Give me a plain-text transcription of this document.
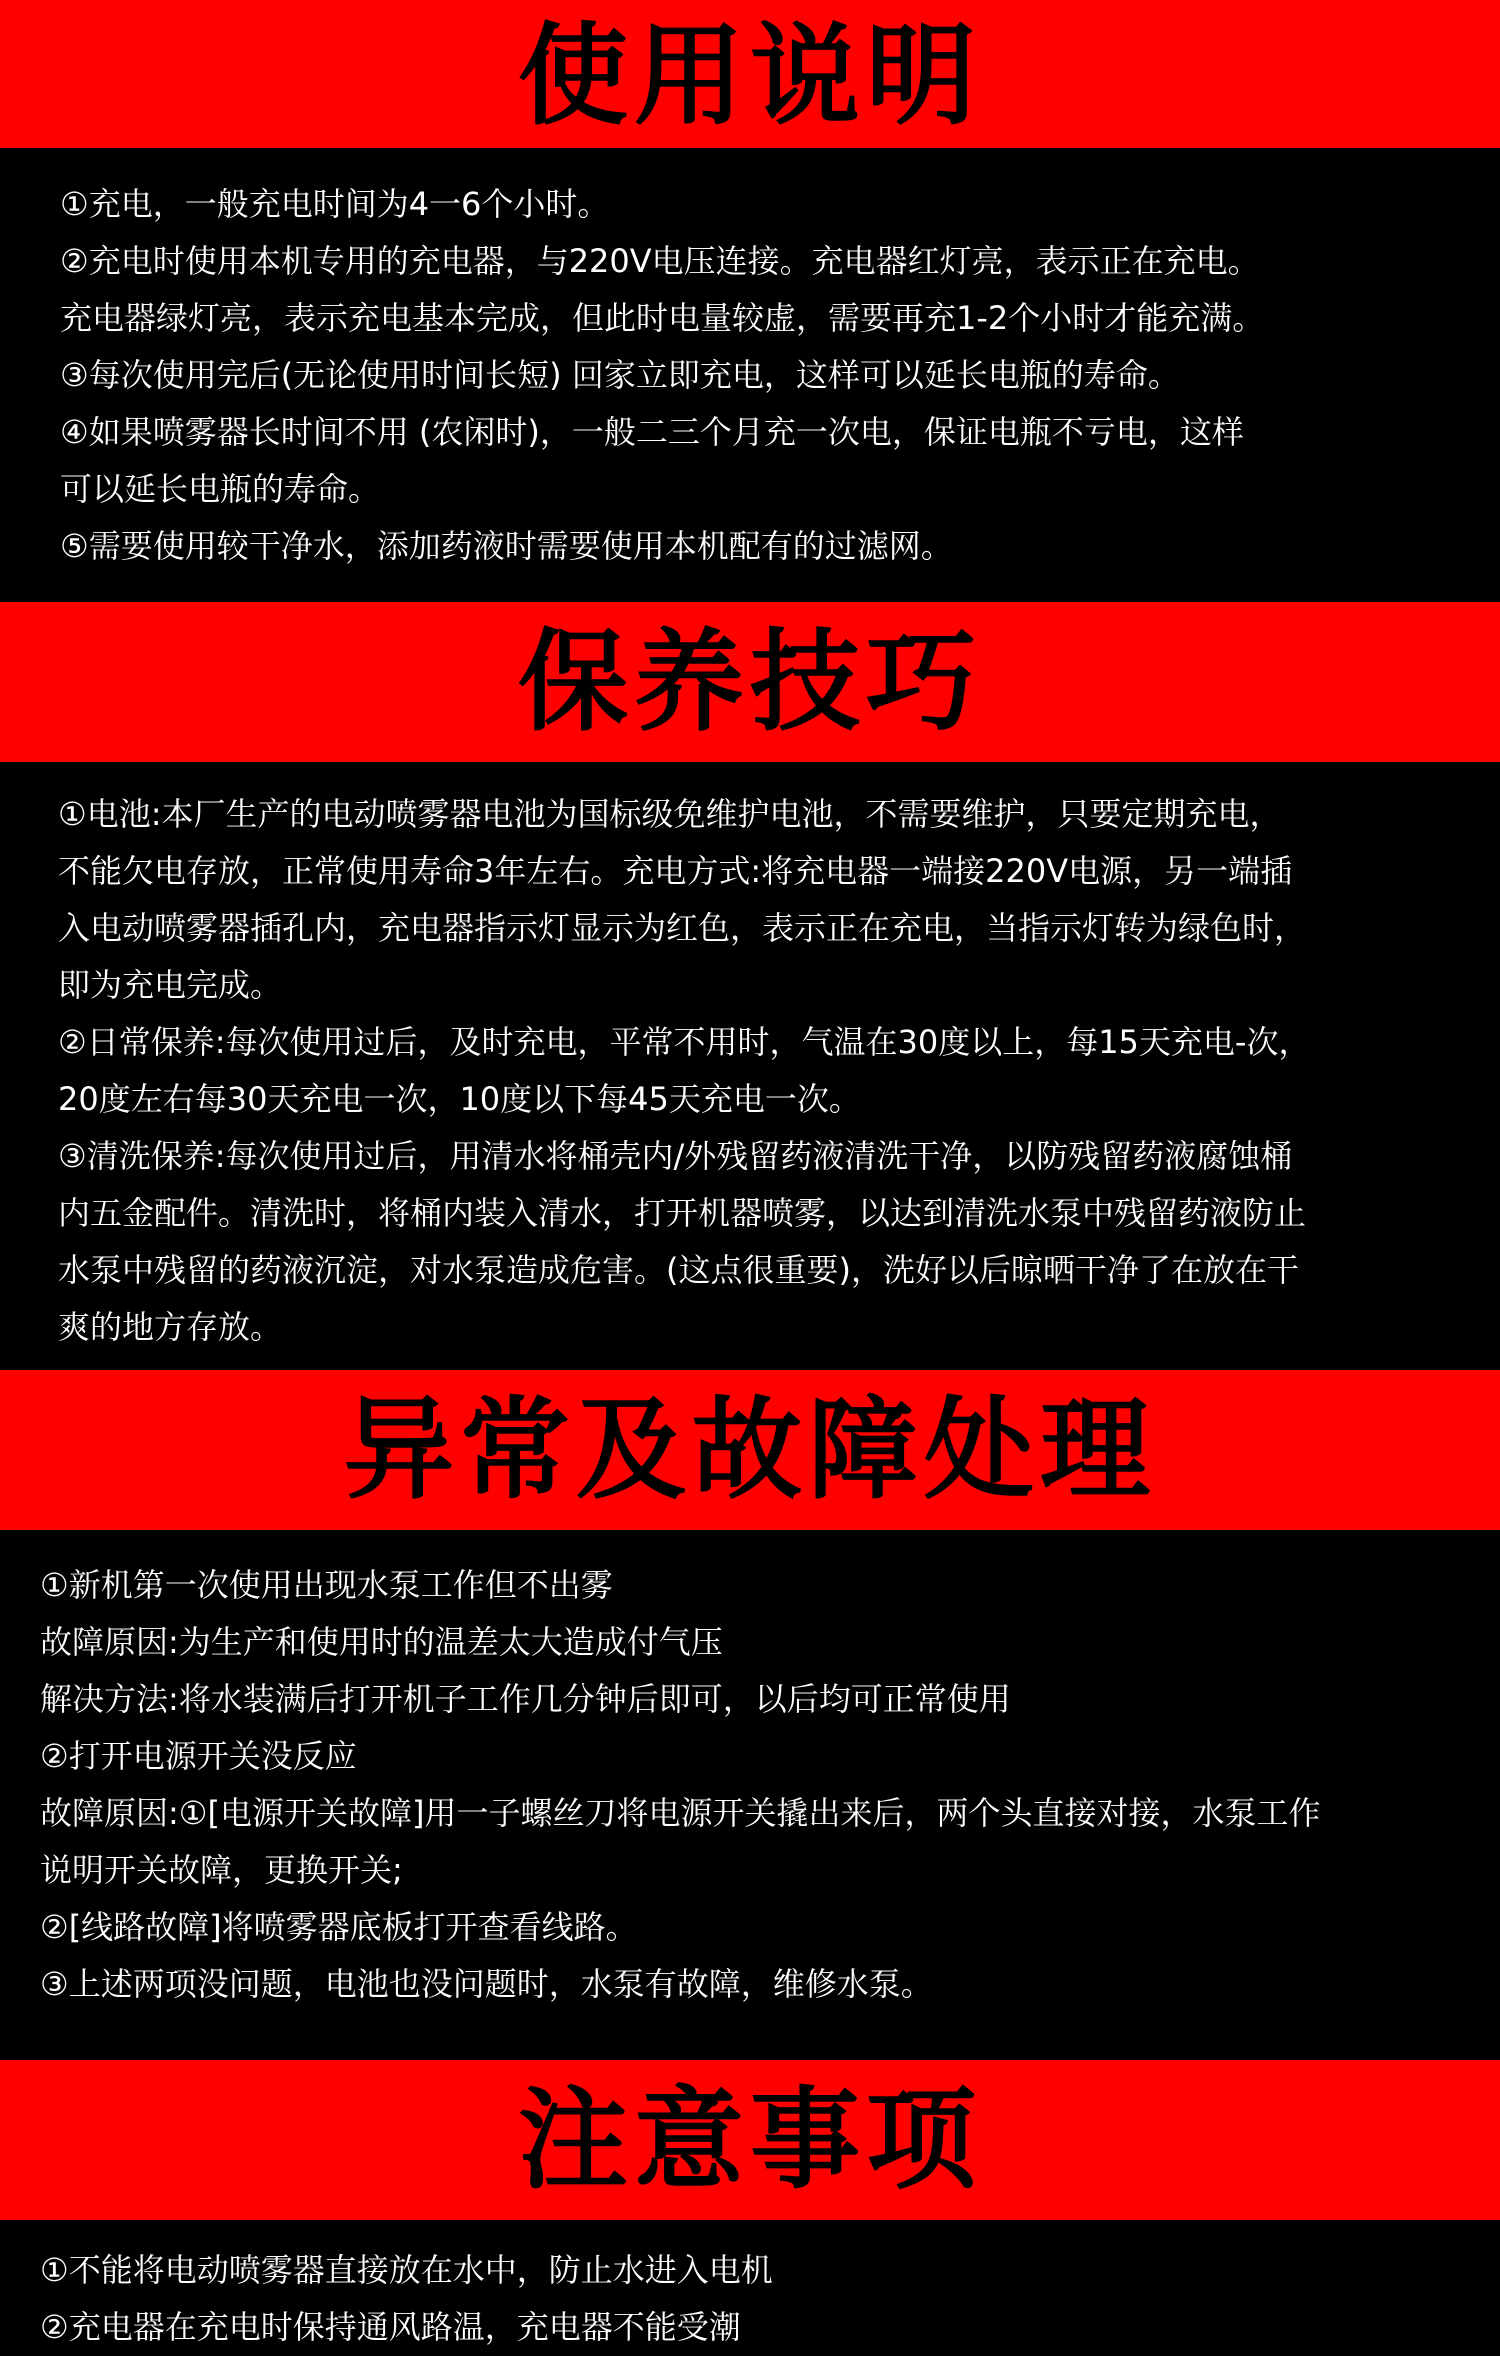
使用说明
①充电，一般充电时间为4一6个小时。
②充电时使用本机专用的充电器，与220V电压连接。充电器红灯亮，表示正在充电。
充电器绿灯亮，表示充电基本完成，但此时电量较虚，需要再充1-2个小时才能充满。
③每次使用完后(无论使用时间长短) 回家立即充电，这样可以延长电瓶的寿命。
④如果喷雾器长时间不用 (农闲时)，一般二三个月充一次电，保证电瓶不亏电，这样
可以延长电瓶的寿命。
⑤需要使用较干净水，添加药液时需要使用本机配有的过滤网。
保养技巧
①电池:本厂生产的电动喷雾器电池为国标级免维护电池，不需要维护，只要定期充电，
不能欠电存放，正常使用寿命3年左右。充电方式:将充电器一端接220V电源，另一端插
入电动喷雾器插孔内，充电器指示灯显示为红色，表示正在充电，当指示灯转为绿色时，
即为充电完成。
②日常保养:每次使用过后，及时充电，平常不用时，气温在30度以上，每15天充电-次，
20度左右每30天充电一次，10度以下每45天充电一次。
③清洗保养:每次使用过后，用清水将桶壳内/外残留药液清洗干净，以防残留药液腐蚀桶
内五金配件。清洗时，将桶内装入清水，打开机器喷雾，以达到清洗水泵中残留药液防止
水泵中残留的药液沉淀，对水泵造成危害。(这点很重要)，洗好以后晾晒干净了在放在干
爽的地方存放。
异常及故障处理
①新机第一次使用出现水泵工作但不出雾
故障原因:为生产和使用时的温差太大造成付气压
解决方法:将水装满后打开机子工作几分钟后即可，以后均可正常使用
②打开电源开关没反应
故障原因:①[电源开关故障]用一子螺丝刀将电源开关撬出来后，两个头直接对接，水泵工作
说明开关故障，更换开关;
②[线路故障]将喷雾器底板打开查看线路。
③上述两项没问题，电池也没问题时，水泵有故障，维修水泵。
注意事项
①不能将电动喷雾器直接放在水中，防止水进入电机
②充电器在充电时保持通风路温，充电器不能受潮
